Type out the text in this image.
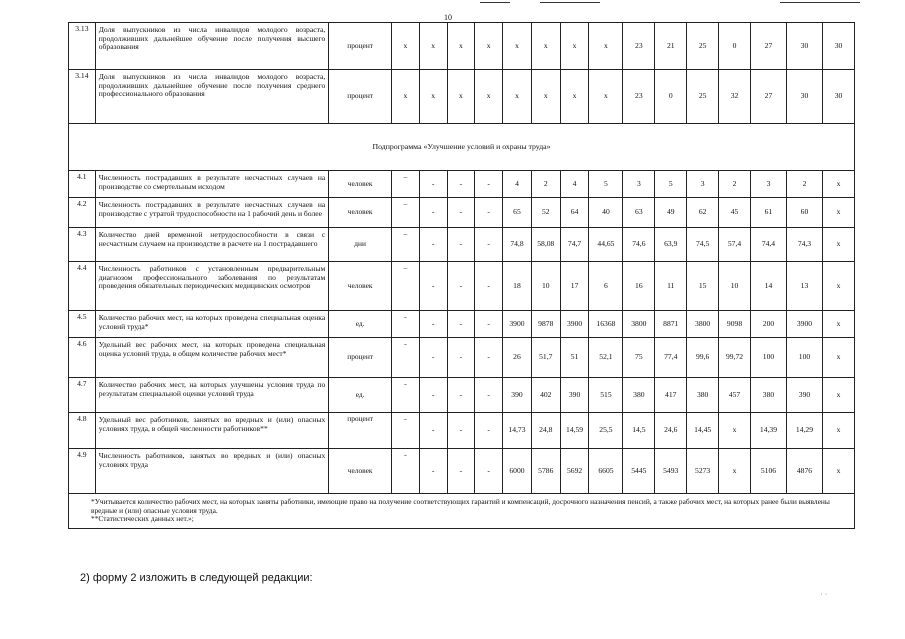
10
3.13	Доля выпускников из числа инвалидов молодого возраста, продолживших дальнейшее обучение после получения высшего образования	процент	х	х	х	х	х	х	х	х	23	21	25	0	27	30	30
3.14	Доля выпускников из числа инвалидов молодого возраста, продолживших дальнейшее обучение после получения среднего профессионального образования	процент	х	х	х	х	х	х	х	х	23	0	25	32	27	30	30
Подпрограмма «Улучшение условий и охраны труда»																	
4.1	Численность пострадавших в результате несчастных случаев на производстве со смертельным исходом	человек	–	-	-	-	4	2	4	5	3	5	3	2	3	2	х
4.2	Численность пострадавших в результате несчастных случаев на производстве с утратой трудоспособности на 1 рабочий день и более	человек	–	-	-	-	65	52	64	40	63	49	62	45	61	60	х
4.3	Количество дней временной нетрудоспособности в связи с несчастным случаем на производстве в расчете на 1 пострадавшего	дни	–	-	-	-	74,8	58,08	74,7	44,65	74,6	63,9	74,5	57,4	74,4	74,3	х
4.4	Численность работников с установленным предварительным диагнозом профессионального заболевания по результатам проведения обязательных периодических медицинских осмотров	человек	–	-	-	-	18	10	17	6	16	11	15	10	14	13	х
4.5	Количество рабочих мест, на которых проведена специальная оценка условий труда*	ед.	-	-	-	-	3900	9878	3900	16368	3800	8871	3800	9098	200	3900	х
4.6	Удельный вес рабочих мест, на которых проведена специальная оценка условий труда, в общем количестве рабочих мест*	процент	-	-	-	-	26	51,7	51	52,1	75	77,4	99,6	99,72	100	100	х
4.7	Количество рабочих мест, на которых улучшены условия труда по результатам специальной оценки условий труда	ед.	-	-	-	-	390	402	390	515	380	417	380	457	380	390	х
4.8	Удельный вес работников, занятых во вредных и (или) опасных условиях труда, в общей численности работников**	процент	-	-	-	-	14,73	24,8	14,59	25,5	14,5	24,6	14,45	х	14,39	14,29	х
4.9	Численность работников, занятых во вредных и (или) опасных условиях труда	человек	-	-	-	-	6000	5786	5692	6605	5445	5493	5273	х	5106	4876	х

*Учитывается количество рабочих мест, на которых заняты работники, имеющие право на получение соответствующих гарантий и компенсаций, досрочного назначения пенсий, а также рабочих мест, на которых ранее были выявлены вредные и (или) опасные условия труда.
**Статистических данных нет.»;																	
2) форму 2 изложить в следующей редакции:
˙ ˙
